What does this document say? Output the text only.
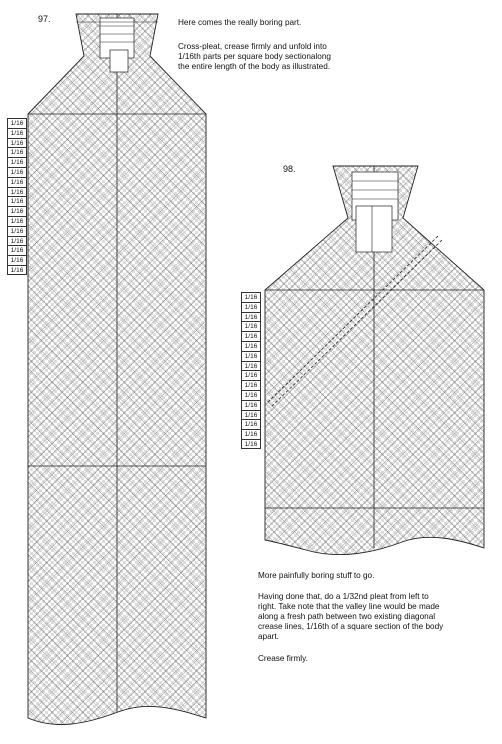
97.	Here comes the really boring part.

Cross-pleat, crease firmly and unfold into
1/16th parts per square body sectionalong
the entire length of the body as illustrated.

1/16
1/16
1/16
1/16
1/16
1/16
1/16
1/16
1/16
1/16
1/16
1/16
1/16
1/16
1/16
1/16
98.
1/16
1/16
1/16
1/16
1/16
1/16
1/16
1/16
1/16
1/16
1/16
1/16
1/16
1/16
1/16
1/16

More painfully boring stuff to go.

Having done that, do a 1/32nd pleat from left to
right. Take note that the valley line would be made
along a fresh path between two existing diagonal
crease lines, 1/16th of a square section of the body
apart.

Crease firmly.
